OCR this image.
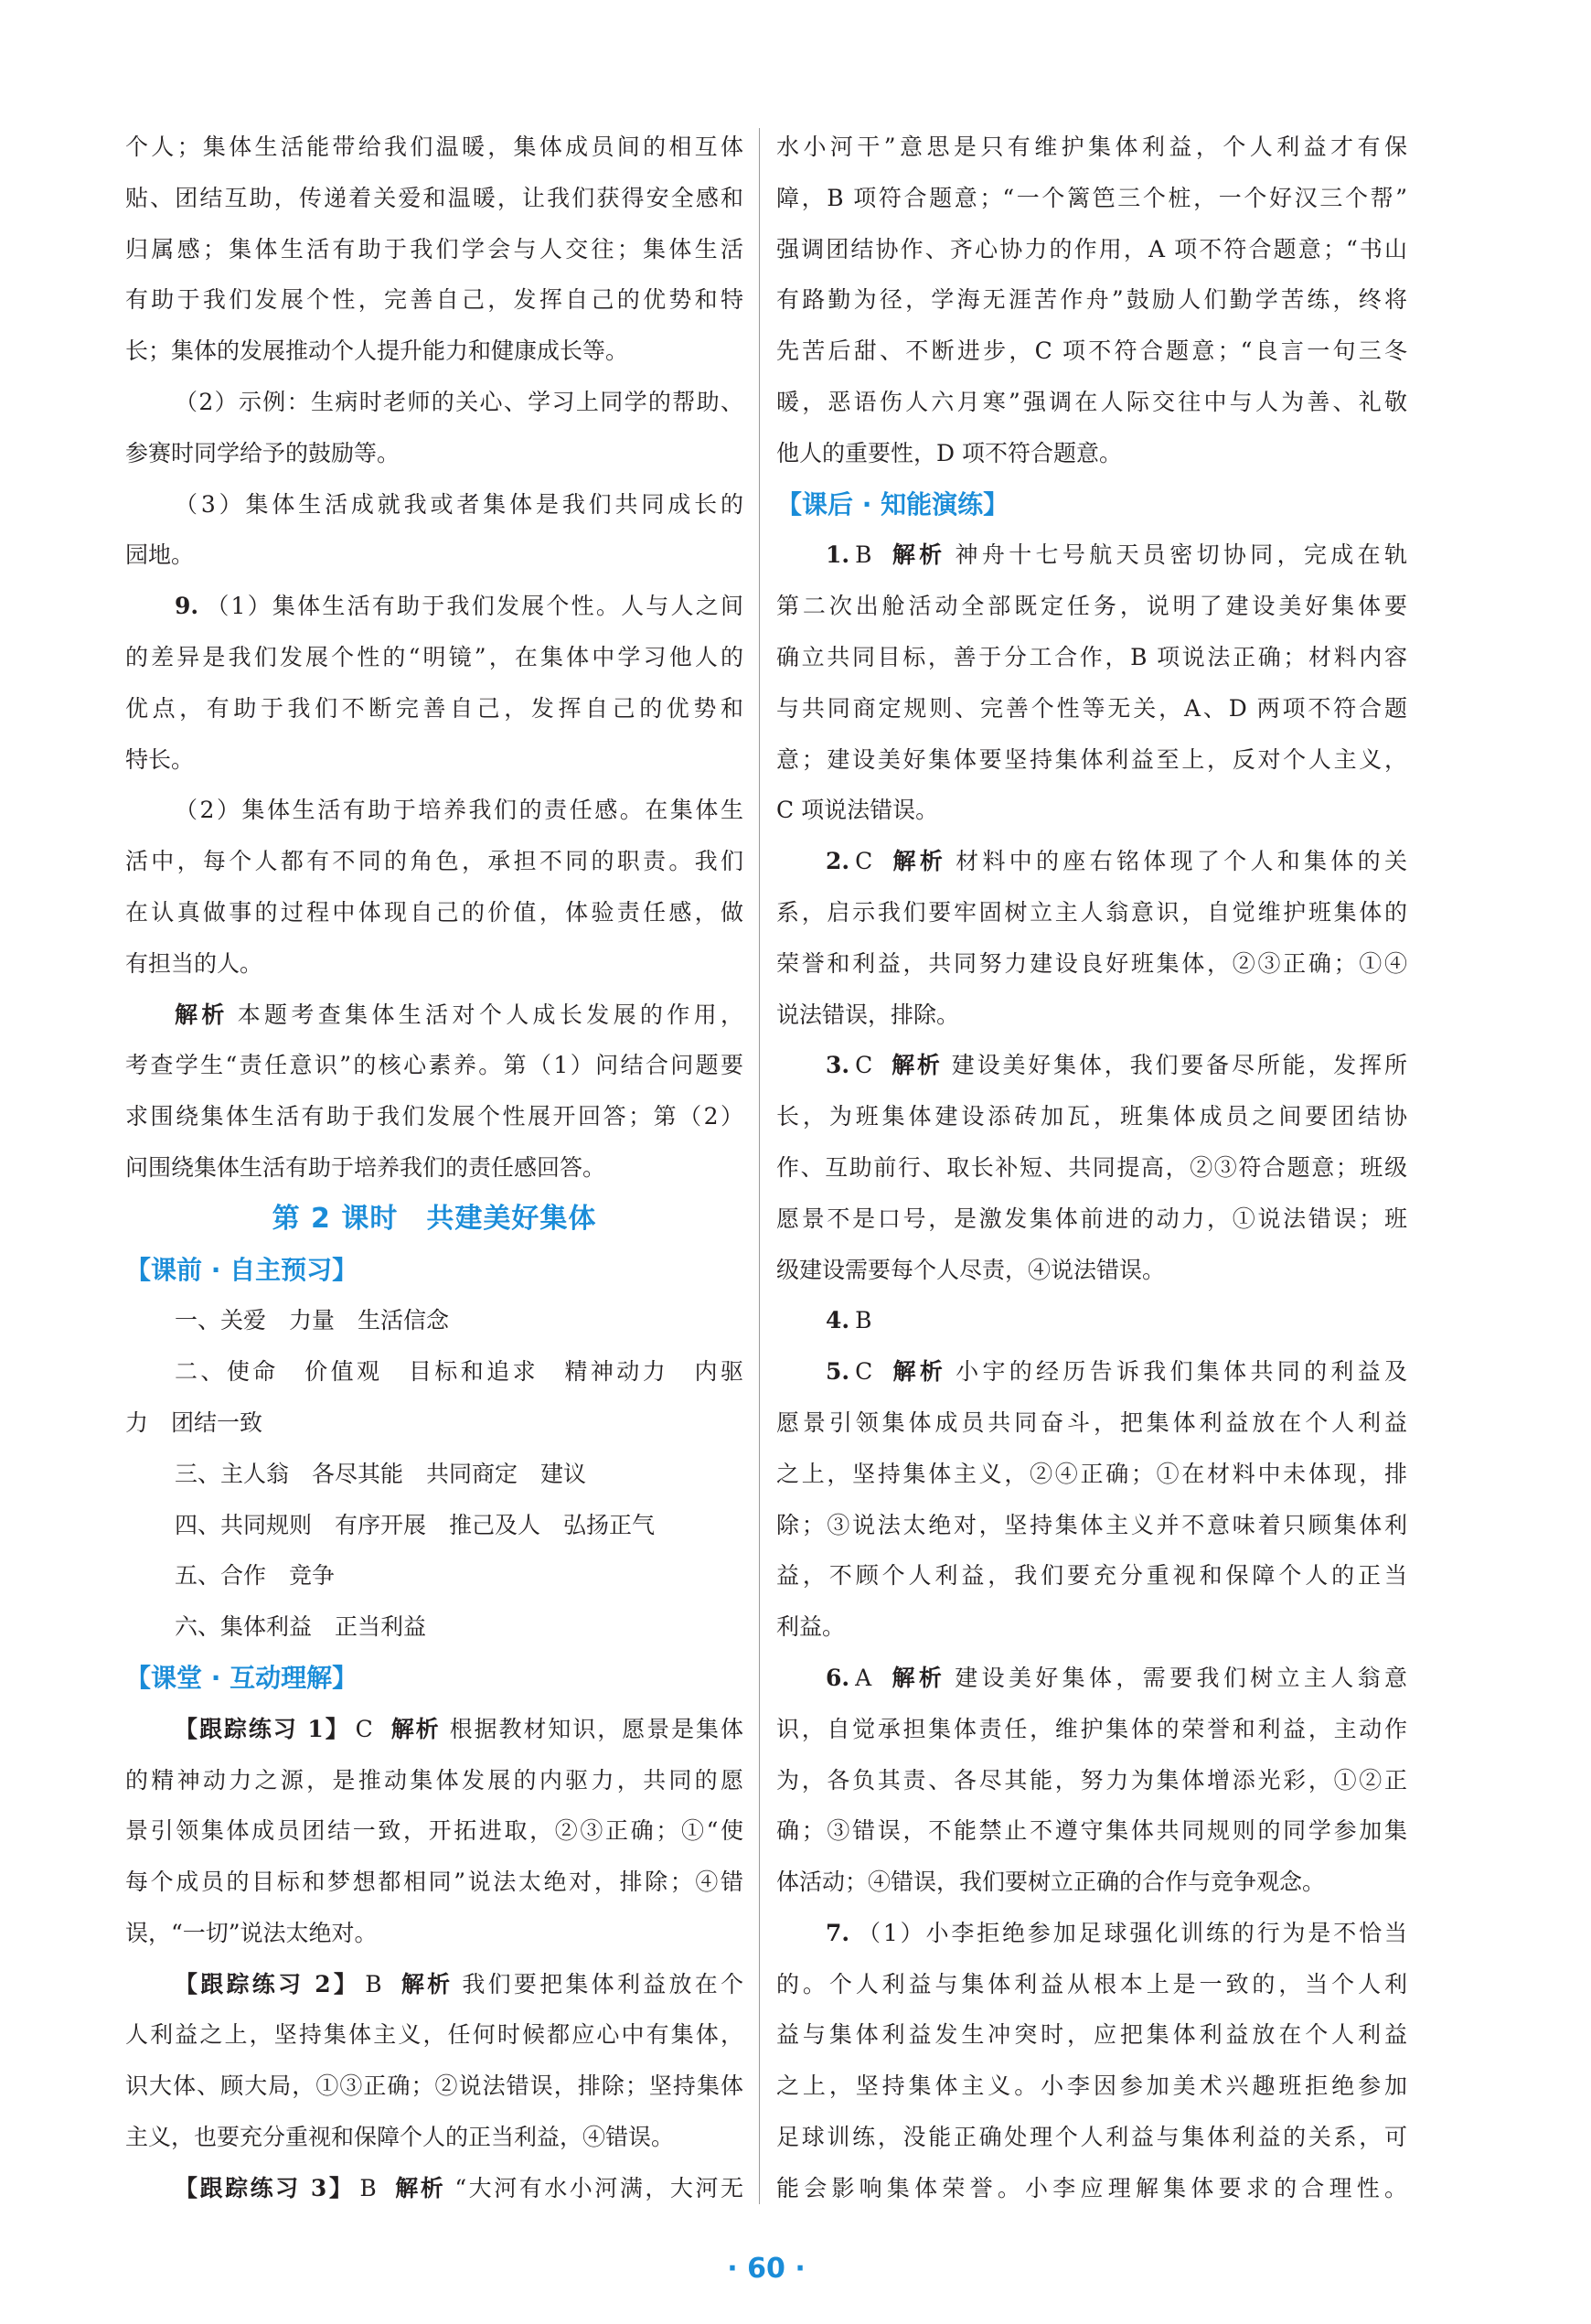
个人；集体生活能带给我们温暖，集体成员间的相互体
贴、团结互助，传递着关爱和温暖，让我们获得安全感和
归属感；集体生活有助于我们学会与人交往；集体生活
有助于我们发展个性，完善自己，发挥自己的优势和特
长；集体的发展推动个人提升能力和健康成长等。
（2）示例：生病时老师的关心、学习上同学的帮助、
参赛时同学给予的鼓励等。
（3）集体生活成就我或者集体是我们共同成长的
园地。
9. （1）集体生活有助于我们发展个性。人与人之间
的差异是我们发展个性的“明镜”，在集体中学习他人的
优点，有助于我们不断完善自己，发挥自己的优势和
特长。
（2）集体生活有助于培养我们的责任感。在集体生
活中，每个人都有不同的角色，承担不同的职责。我们
在认真做事的过程中体现自己的价值，体验责任感，做
有担当的人。
解析 本题考查集体生活对个人成长发展的作用，
考查学生“责任意识”的核心素养。第（1）问结合问题要
求围绕集体生活有助于我们发展个性展开回答；第（2）
问围绕集体生活有助于培养我们的责任感回答。
第 2 课时　共建美好集体
【课前 · 自主预习】
一、关爱　力量　生活信念
二、使命　价值观　目标和追求　精神动力　内驱
力　团结一致
三、主人翁　各尽其能　共同商定　建议
四、共同规则　有序开展　推己及人　弘扬正气
五、合作　竞争
六、集体利益　正当利益
【课堂 · 互动理解】
【跟踪练习 1】 C 解析 根据教材知识，愿景是集体
的精神动力之源，是推动集体发展的内驱力，共同的愿
景引领集体成员团结一致，开拓进取，②③正确；①“使
每个成员的目标和梦想都相同”说法太绝对，排除；④错
误，“一切”说法太绝对。
【跟踪练习 2】 B 解析 我们要把集体利益放在个
人利益之上，坚持集体主义，任何时候都应心中有集体，
识大体、顾大局，①③正确；②说法错误，排除；坚持集体
主义，也要充分重视和保障个人的正当利益，④错误。
【跟踪练习 3】 B 解析 “大河有水小河满，大河无
水小河干”意思是只有维护集体利益，个人利益才有保
障，B 项符合题意；“一个篱笆三个桩，一个好汉三个帮”
强调团结协作、齐心协力的作用，A 项不符合题意；“书山
有路勤为径，学海无涯苦作舟”鼓励人们勤学苦练，终将
先苦后甜、不断进步，C 项不符合题意；“良言一句三冬
暖，恶语伤人六月寒”强调在人际交往中与人为善、礼敬
他人的重要性，D 项不符合题意。
【课后 · 知能演练】
1. B 解析 神舟十七号航天员密切协同，完成在轨
第二次出舱活动全部既定任务，说明了建设美好集体要
确立共同目标，善于分工合作，B 项说法正确；材料内容
与共同商定规则、完善个性等无关，A、D 两项不符合题
意；建设美好集体要坚持集体利益至上，反对个人主义，
C 项说法错误。
2. C 解析 材料中的座右铭体现了个人和集体的关
系，启示我们要牢固树立主人翁意识，自觉维护班集体的
荣誉和利益，共同努力建设良好班集体，②③正确；①④
说法错误，排除。
3. C 解析 建设美好集体，我们要备尽所能，发挥所
长，为班集体建设添砖加瓦，班集体成员之间要团结协
作、互助前行、取长补短、共同提高，②③符合题意；班级
愿景不是口号，是激发集体前进的动力，①说法错误；班
级建设需要每个人尽责，④说法错误。
4. B
5. C 解析 小宇的经历告诉我们集体共同的利益及
愿景引领集体成员共同奋斗，把集体利益放在个人利益
之上，坚持集体主义，②④正确；①在材料中未体现，排
除；③说法太绝对，坚持集体主义并不意味着只顾集体利
益，不顾个人利益，我们要充分重视和保障个人的正当
利益。
6. A 解析 建设美好集体，需要我们树立主人翁意
识，自觉承担集体责任，维护集体的荣誉和利益，主动作
为，各负其责、各尽其能，努力为集体增添光彩，①②正
确；③错误，不能禁止不遵守集体共同规则的同学参加集
体活动；④错误，我们要树立正确的合作与竞争观念。
7. （1）小李拒绝参加足球强化训练的行为是不恰当
的。个人利益与集体利益从根本上是一致的，当个人利
益与集体利益发生冲突时，应把集体利益放在个人利益
之上，坚持集体主义。小李因参加美术兴趣班拒绝参加
足球训练，没能正确处理个人利益与集体利益的关系，可
能会影响集体荣誉。小李应理解集体要求的合理性。
· 60 ·
